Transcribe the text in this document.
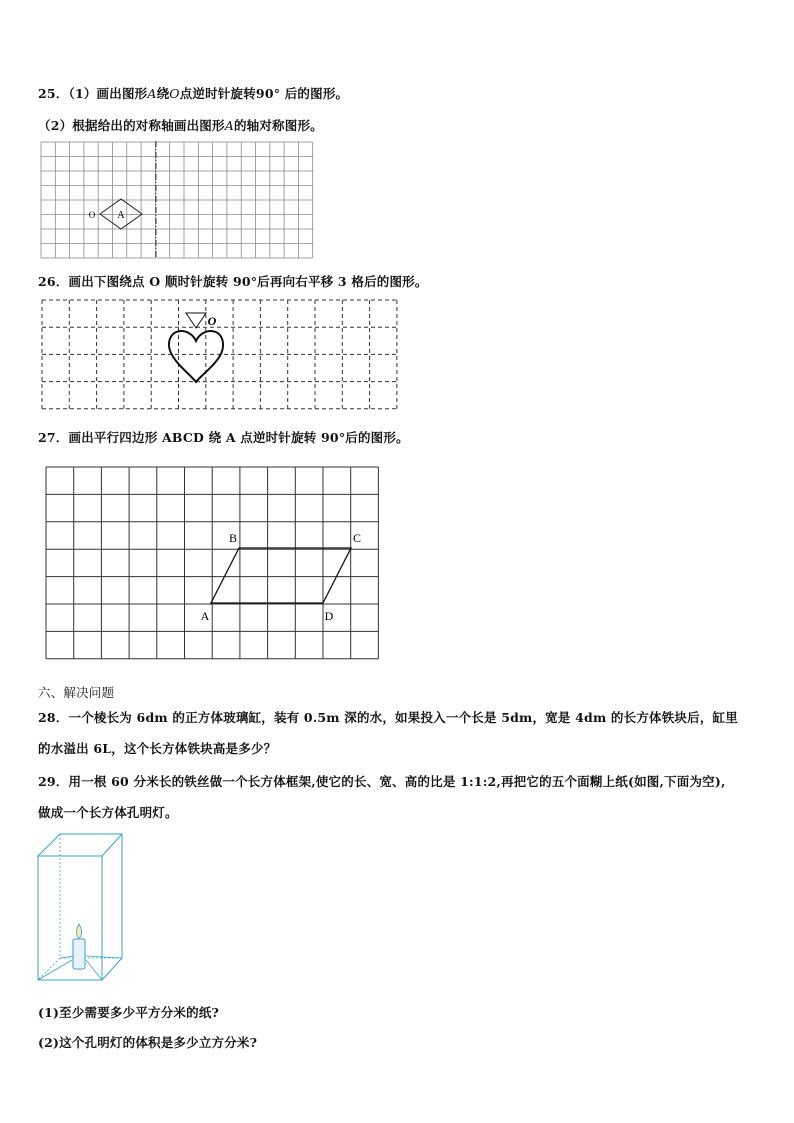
25．（1）画出图形A绕O点逆时针旋转90° 后的图形。
（2）根据给出的对称轴画出图形A的轴对称图形。
A
O
26．画出下图绕点 O 顺时针旋转 90°后再向右平移 3 格后的图形。
O
27．画出平行四边形 ABCD 绕 A 点逆时针旋转 90°后的图形。
B	C
A	D
六、解决问题
28．一个棱长为 6dm 的正方体玻璃缸，装有 0.5m 深的水，如果投入一个长是 5dm，宽是 4dm 的长方体铁块后，缸里
的水溢出 6L，这个长方体铁块高是多少？
29．用一根 60 分米长的铁丝做一个长方体框架,使它的长、宽、高的比是 1:1:2,再把它的五个面糊上纸(如图,下面为空),
做成一个长方体孔明灯。
(1)至少需要多少平方分米的纸?
(2)这个孔明灯的体积是多少立方分米?
